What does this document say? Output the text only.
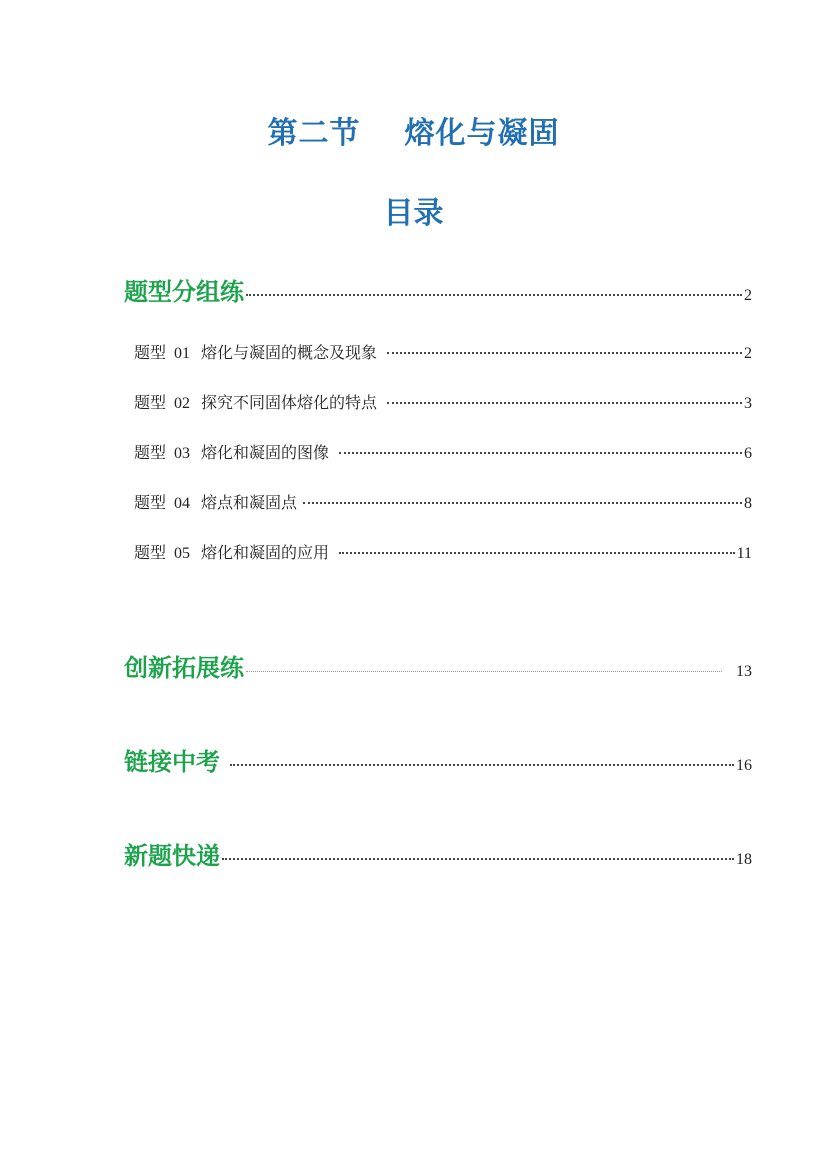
第二节 熔化与凝固
目录
题型分组练	2
题型 01 熔化与凝固的概念及现象	2
题型 02 探究不同固体熔化的特点	3
题型 03 熔化和凝固的图像	6
题型 04 熔点和凝固点	8
题型 05 熔化和凝固的应用	11
创新拓展练	13
链接中考	16
新题快递	18
